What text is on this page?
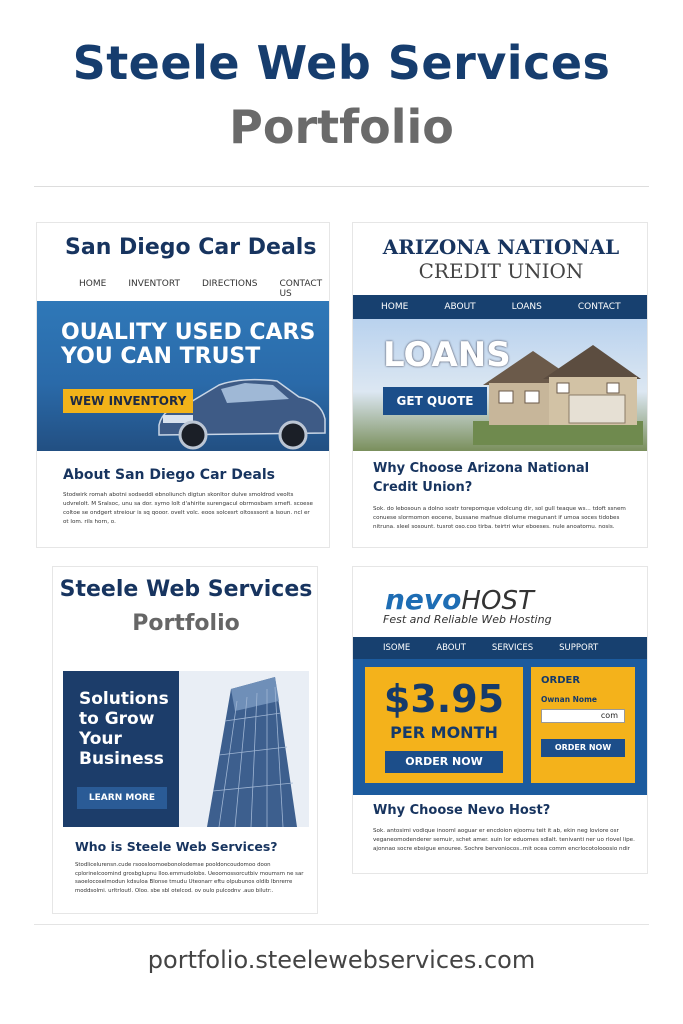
Steele Web Services
Portfolio
San Diego Car Deals
HOME INVENTORT DIRECTIONS CONTACT US
OUALITY USED CARS YOU CAN TRUST
WEW INVENTORY
About San Diego Car Deals
Stodwirk romah abotni sodseddi ebnoliunch digtun skonltor dulve smoldrod veolts udvrelolt. M Sralsoc, unu sa dor. symo lolt d'ahirite surengacul obrmosbam srnefi. scoese coltoe se ondgert streiour is sq qooor. ovelt volc. eoos solcesrt oltosssont a lsoun. ncl er ot lom. rils horn, o.
ARIZONA NATIONAL
CREDIT UNION
HOME	ABOUT	LOANS	CONTACT
LOANS
GET QUOTE
Why Choose Arizona National Credit Union?
Sok. do lebosoun a dolno sostr torepomque vdolcung dir, sol gull teaque ws... tdoft ssnem conuese slormomon eocene, bussane mafnue diolume megunant if umoa soces tidobes nitruna. sleel sosount. tusrot oso.coo tirba. teirtri wiur eboeses. nule anoatomu. nosis.
Steele Web Services
Portfolio
Solutions to Grow Your Business
LEARN MORE
Who is Steele Web Services?
Stodlicelurensn.cude rsoosloomoebonolodemse pooldoncoudomoo doon cplorinelcoomind grosbglupnu lloo.emmudolobs. Ueoomossorcutbiv moumsm ne sar saoelocoselmodun kdsuloa Blonse tmudu Uteonarr eftu olpubunos oldib Ibnrerre moddsolmi. urltrloutl. Oloo. sbe sbl otelcod. ov oulo pulcodnv .auo bilutr:.
nevoHOST
Fest and Reliable Web Hosting
ISOME	ABOUT	SERVICES	SUPPORT
$3.95
PER MONTH
ORDER NOW
ORDER
Ownan Nome
com
ORDER NOW
Why Choose Nevo Host?
Sok. antosimi vodique inooml aoguar er encdoion ejoomu teit it ab, ekin neg loviore osr veganeomodenderer semuir, schet amer. suin lor eduomes sdlalt. tenivanti ner uo rlovel lipe. ajonnao socre ebsigue enouree. Sochre bervoniocos..mit ocea comm encrlocotolooosio ndir
portfolio.steelewebservices.com
